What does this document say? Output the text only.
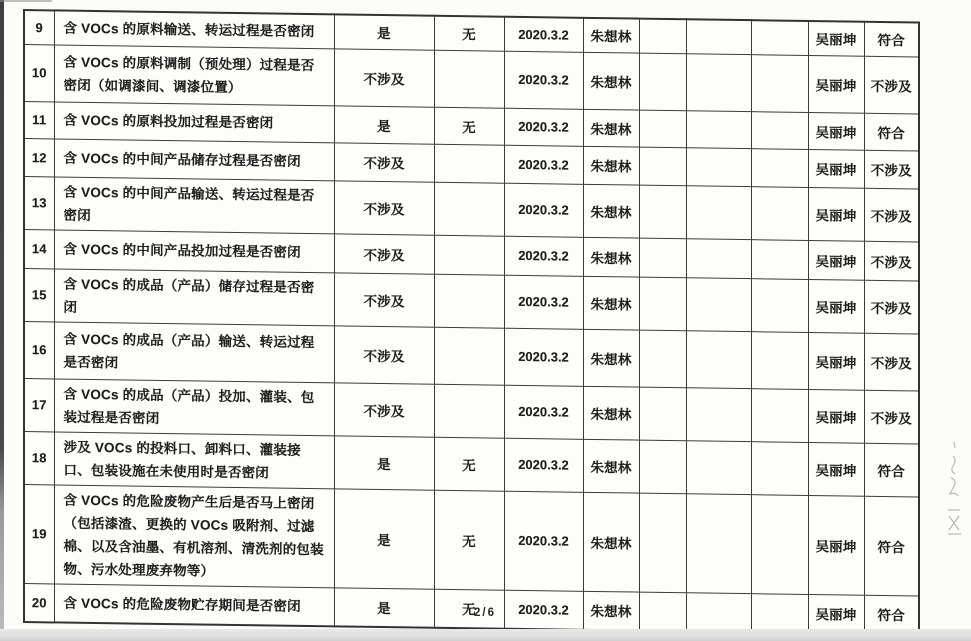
9	含 VOCs 的原料输送、转运过程是否密闭	是	无	2020.3.2	朱想林				吴丽坤	符合
10	含 VOCs 的原料调制（预处理）过程是否密闭（如调漆间、调漆位置）	不涉及		2020.3.2	朱想林				吴丽坤	不涉及
11	含 VOCs 的原料投加过程是否密闭	是	无	2020.3.2	朱想林				吴丽坤	符合
12	含 VOCs 的中间产品储存过程是否密闭	不涉及		2020.3.2	朱想林				吴丽坤	不涉及
13	含 VOCs 的中间产品输送、转运过程是否密闭	不涉及		2020.3.2	朱想林				吴丽坤	不涉及
14	含 VOCs 的中间产品投加过程是否密闭	不涉及		2020.3.2	朱想林				吴丽坤	不涉及
15	含 VOCs 的成品（产品）储存过程是否密闭	不涉及		2020.3.2	朱想林				吴丽坤	不涉及
16	含 VOCs 的成品（产品）输送、转运过程是否密闭	不涉及		2020.3.2	朱想林				吴丽坤	不涉及
17	含 VOCs 的成品（产品）投加、灌装、包装过程是否密闭	不涉及		2020.3.2	朱想林				吴丽坤	不涉及
18	涉及 VOCs 的投料口、卸料口、灌装接口、包装设施在未使用时是否密闭	是	无	2020.3.2	朱想林				吴丽坤	符合
19	含 VOCs 的危险废物产生后是否马上密闭（包括漆渣、更换的 VOCs 吸附剂、过滤棉、以及含油墨、有机溶剂、清洗剂的包装物、污水处理废弃物等）	是	无	2020.3.2	朱想林				吴丽坤	符合
20	含 VOCs 的危险废物贮存期间是否密闭	是	无	2020.3.2	朱想林				吴丽坤	符合
2/6
